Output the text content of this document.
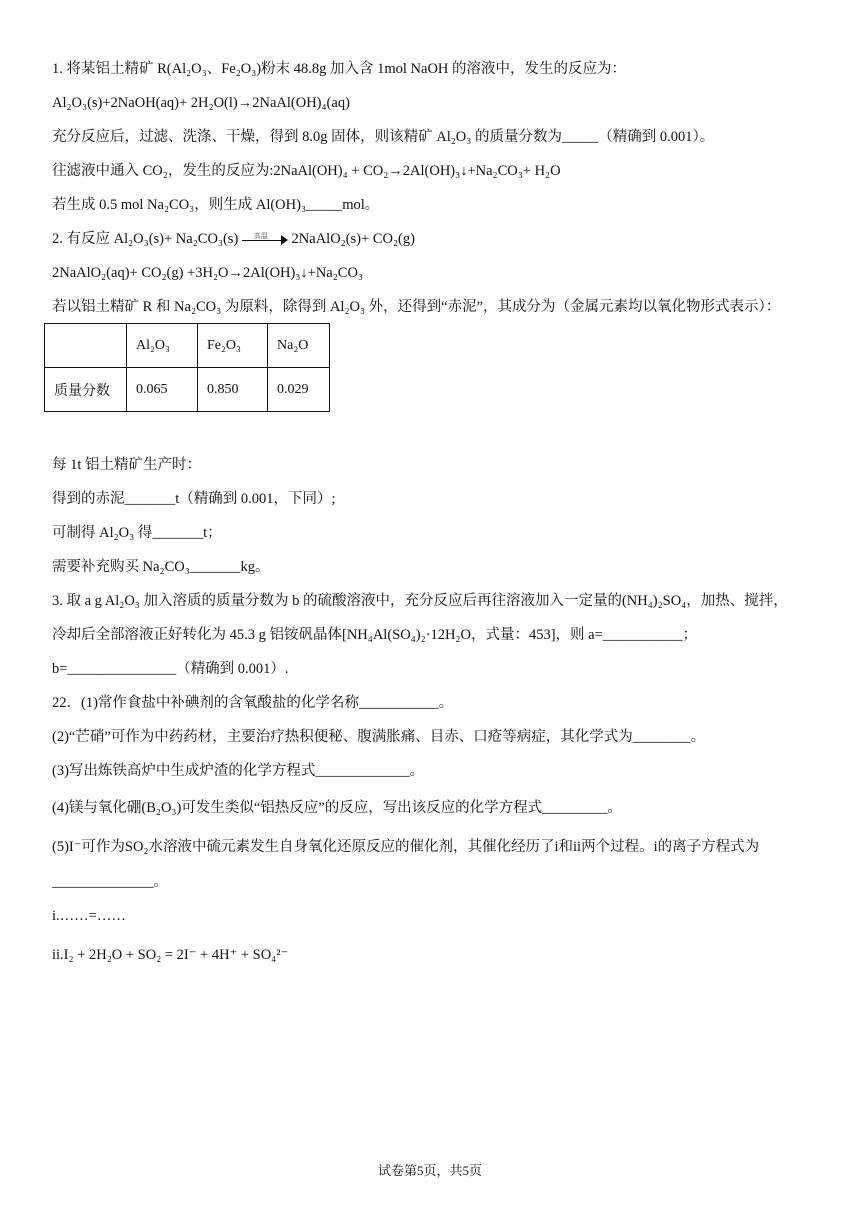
1. 将某铝土精矿 R(Al₂O₃、Fe₂O₃)粉末 48.8g 加入含 1mol NaOH 的溶液中，发生的反应为：
Al₂O₃(s)+2NaOH(aq)+ 2H₂O(l)→2NaAl(OH)₄(aq)
充分反应后，过滤、洗涤、干燥，得到 8.0g 固体，则该精矿 Al₂O₃ 的质量分数为_____（精确到 0.001）。
往滤液中通入 CO₂，发生的反应为:2NaAl(OH)₄ + CO₂→2Al(OH)₃↓+Na₂CO₃+ H₂O
若生成 0.5 mol Na₂CO₃，则生成 Al(OH)₃_____mol。
2. 有反应 Al₂O₃(s)+ Na₂CO₃(s) 高温 2NaAlO₂(s)+ CO₂(g)
2NaAlO₂(aq)+ CO₂(g) +3H₂O→2Al(OH)₃↓+Na₂CO₃
若以铝土精矿 R 和 Na₂CO₃ 为原料，除得到 Al₂O₃ 外，还得到“赤泥”，其成分为（金属元素均以氧化物形式表示）：
	Al₂O₃	Fe₂O₃	Na₂O
质量分数	0.065	0.850	0.029
每 1t 铝土精矿生产时：
得到的赤泥_______t（精确到 0.001，下同）;
可制得 Al₂O₃ 得_______t；
需要补充购买 Na₂CO₃_______kg。
3. 取 a g Al₂O₃ 加入溶质的质量分数为 b 的硫酸溶液中，充分反应后再往溶液加入一定量的(NH₄)₂SO₄，加热、搅拌，
冷却后全部溶液正好转化为 45.3 g 铝铵矾晶体[NH₄Al(SO₄)₂·12H₂O，式量：453]，则 a=___________；
b=_______________（精确到 0.001）.
22．(1)常作食盐中补碘剂的含氧酸盐的化学名称___________。
(2)“芒硝”可作为中药药材，主要治疗热积便秘、腹满胀痛、目赤、口疮等病症，其化学式为________。
(3)写出炼铁高炉中生成炉渣的化学方程式_____________。
(4)镁与氧化硼(B₂O₃)可发生类似“铝热反应”的反应，写出该反应的化学方程式_________。
(5)I⁻可作为SO₂水溶液中硫元素发生自身氧化还原反应的催化剂，其催化经历了i和ii两个过程。i的离子方程式为
______________。
i.……=……
ii.I₂ + 2H₂O + SO₂ = 2I⁻ + 4H⁺ + SO₄²⁻
试卷第5页，共5页
